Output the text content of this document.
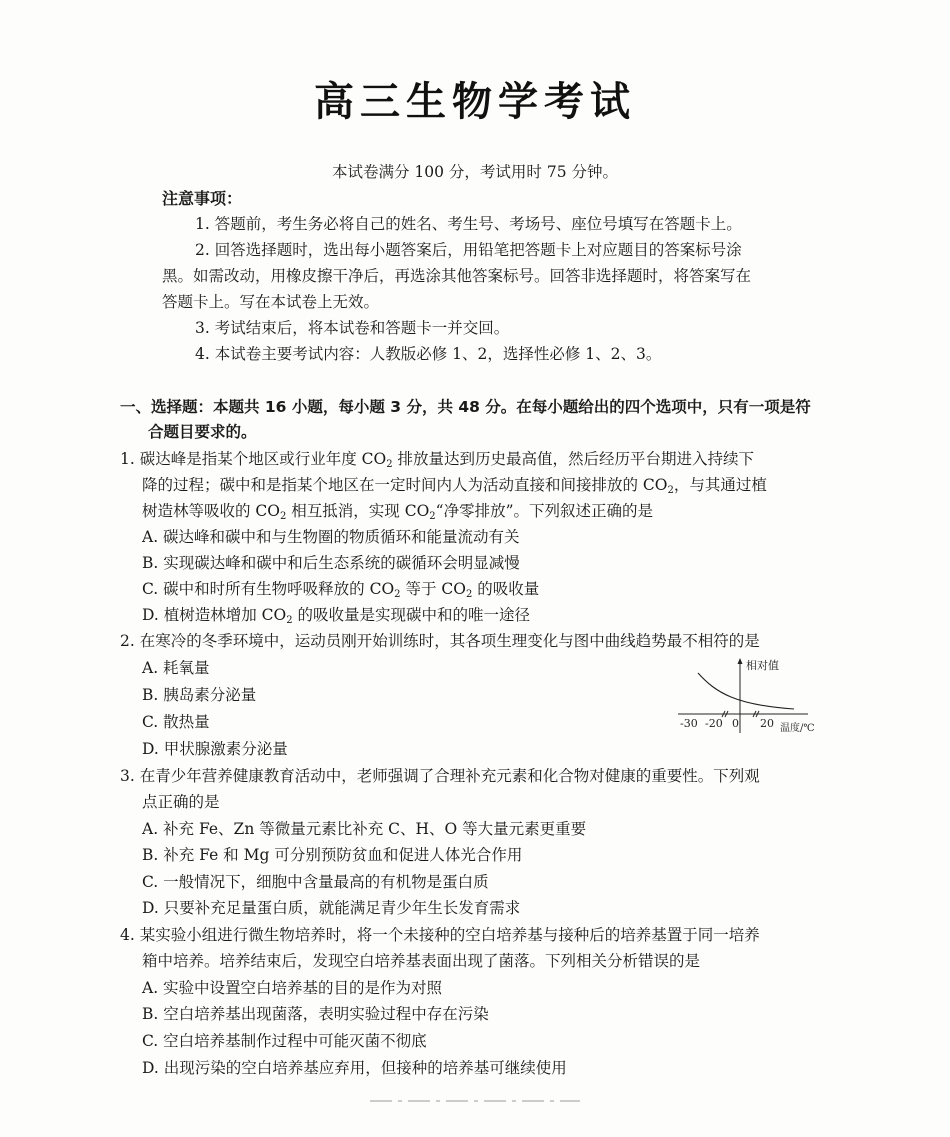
高三生物学考试
本试卷满分 100 分，考试用时 75 分钟。
注意事项：
1. 答题前，考生务必将自己的姓名、考生号、考场号、座位号填写在答题卡上。
2. 回答选择题时，选出每小题答案后，用铅笔把答题卡上对应题目的答案标号涂
黑。如需改动，用橡皮擦干净后，再选涂其他答案标号。回答非选择题时，将答案写在
答题卡上。写在本试卷上无效。
3. 考试结束后，将本试卷和答题卡一并交回。
4. 本试卷主要考试内容：人教版必修 1、2，选择性必修 1、2、3。
一、选择题：本题共 16 小题，每小题 3 分，共 48 分。在每小题给出的四个选项中，只有一项是符
合题目要求的。
1. 碳达峰是指某个地区或行业年度 $CO_2$ 排放量达到历史最高值，然后经历平台期进入持续下
降的过程；碳中和是指某个地区在一定时间内人为活动直接和间接排放的 $CO_2$，与其通过植
树造林等吸收的 $CO_2$ 相互抵消，实现 $CO_2“$净零排放”。下列叙述正确的是
A. 碳达峰和碳中和与生物圈的物质循环和能量流动有关
B. 实现碳达峰和碳中和后生态系统的碳循环会明显减慢
C. 碳中和时所有生物呼吸释放的 $CO_2$ 等于 $CO_2$ 的吸收量
D. 植树造林增加 $CO_2$ 的吸收量是实现碳中和的唯一途径
2. 在寒冷的冬季环境中，运动员刚开始训练时，其各项生理变化与图中曲线趋势最不相符的是
A. 耗氧量
B. 胰岛素分泌量
C. 散热量
D. 甲状腺激素分泌量
相对值
-30 -20 0 20 温度/℃
3. 在青少年营养健康教育活动中，老师强调了合理补充元素和化合物对健康的重要性。下列观
点正确的是
A. 补充 Fe、Zn 等微量元素比补充 C、H、O 等大量元素更重要
B. 补充 Fe 和 Mg 可分别预防贫血和促进人体光合作用
C. 一般情况下，细胞中含量最高的有机物是蛋白质
D. 只要补充足量蛋白质，就能满足青少年生长发育需求
4. 某实验小组进行微生物培养时，将一个未接种的空白培养基与接种后的培养基置于同一培养
箱中培养。培养结束后，发现空白培养基表面出现了菌落。下列相关分析错误的是
A. 实验中设置空白培养基的目的是作为对照
B. 空白培养基出现菌落，表明实验过程中存在污染
C. 空白培养基制作过程中可能灭菌不彻底
D. 出现污染的空白培养基应弃用，但接种的培养基可继续使用
